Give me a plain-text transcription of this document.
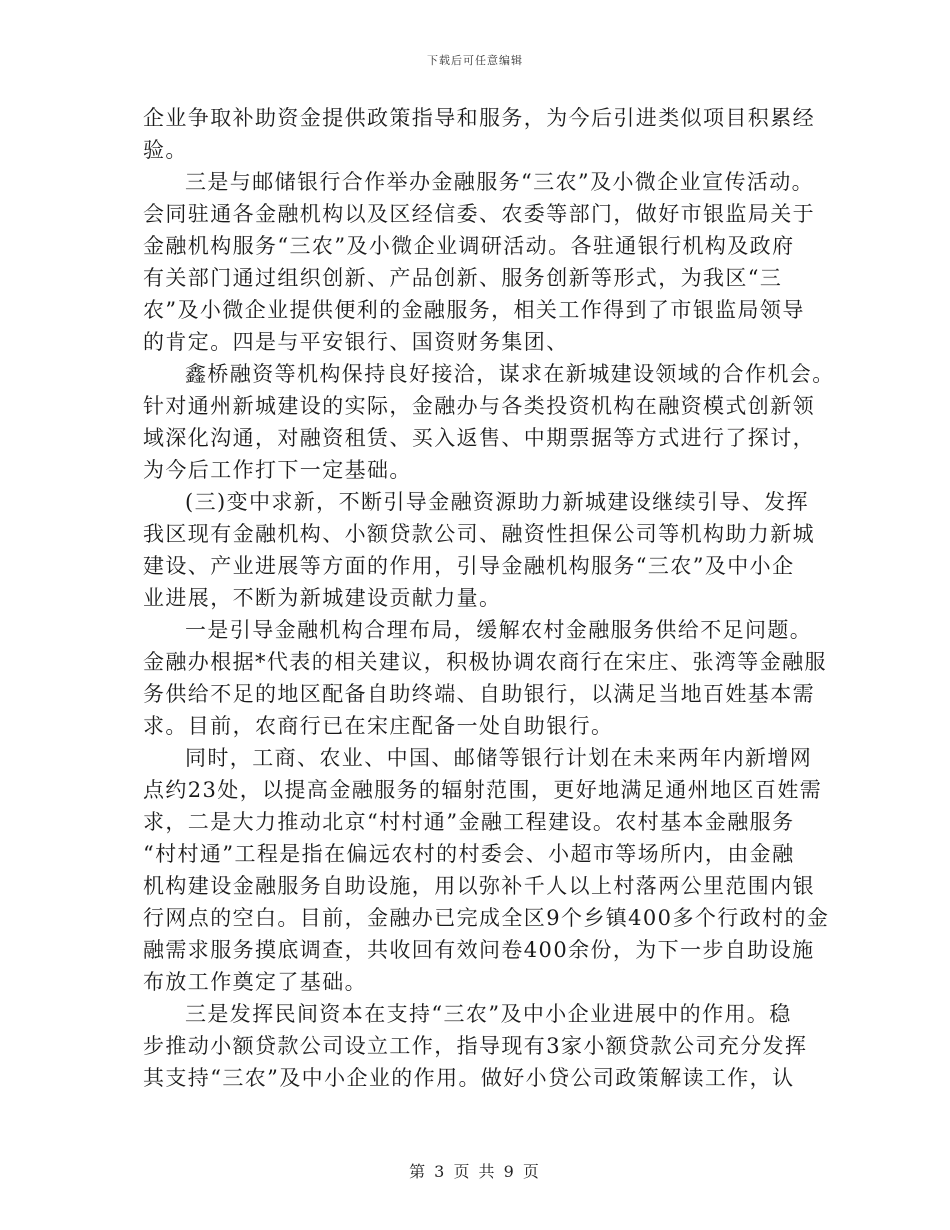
下载后可任意编辑
企业争取补助资金提供政策指导和服务，为今后引进类似项目积累经
验。
三是与邮储银行合作举办金融服务“三农”及小微企业宣传活动。
会同驻通各金融机构以及区经信委、农委等部门，做好市银监局关于
金融机构服务“三农”及小微企业调研活动。各驻通银行机构及政府
有关部门通过组织创新、产品创新、服务创新等形式，为我区“三
农”及小微企业提供便利的金融服务，相关工作得到了市银监局领导
的肯定。四是与平安银行、国资财务集团、
鑫桥融资等机构保持良好接洽，谋求在新城建设领域的合作机会。
针对通州新城建设的实际，金融办与各类投资机构在融资模式创新领
域深化沟通，对融资租赁、买入返售、中期票据等方式进行了探讨，
为今后工作打下一定基础。
(三)变中求新，不断引导金融资源助力新城建设继续引导、发挥
我区现有金融机构、小额贷款公司、融资性担保公司等机构助力新城
建设、产业进展等方面的作用，引导金融机构服务“三农”及中小企
业进展，不断为新城建设贡献力量。
一是引导金融机构合理布局，缓解农村金融服务供给不足问题。
金融办根据*代表的相关建议，积极协调农商行在宋庄、张湾等金融服
务供给不足的地区配备自助终端、自助银行，以满足当地百姓基本需
求。目前，农商行已在宋庄配备一处自助银行。
同时，工商、农业、中国、邮储等银行计划在未来两年内新增网
点约23处，以提高金融服务的辐射范围，更好地满足通州地区百姓需
求，二是大力推动北京“村村通”金融工程建设。农村基本金融服务
“村村通”工程是指在偏远农村的村委会、小超市等场所内，由金融
机构建设金融服务自助设施，用以弥补千人以上村落两公里范围内银
行网点的空白。目前，金融办已完成全区9个乡镇400多个行政村的金
融需求服务摸底调查，共收回有效问卷400余份，为下一步自助设施
布放工作奠定了基础。
三是发挥民间资本在支持“三农”及中小企业进展中的作用。稳
步推动小额贷款公司设立工作，指导现有3家小额贷款公司充分发挥
其支持“三农”及中小企业的作用。做好小贷公司政策解读工作，认
第 3 页 共 9 页
